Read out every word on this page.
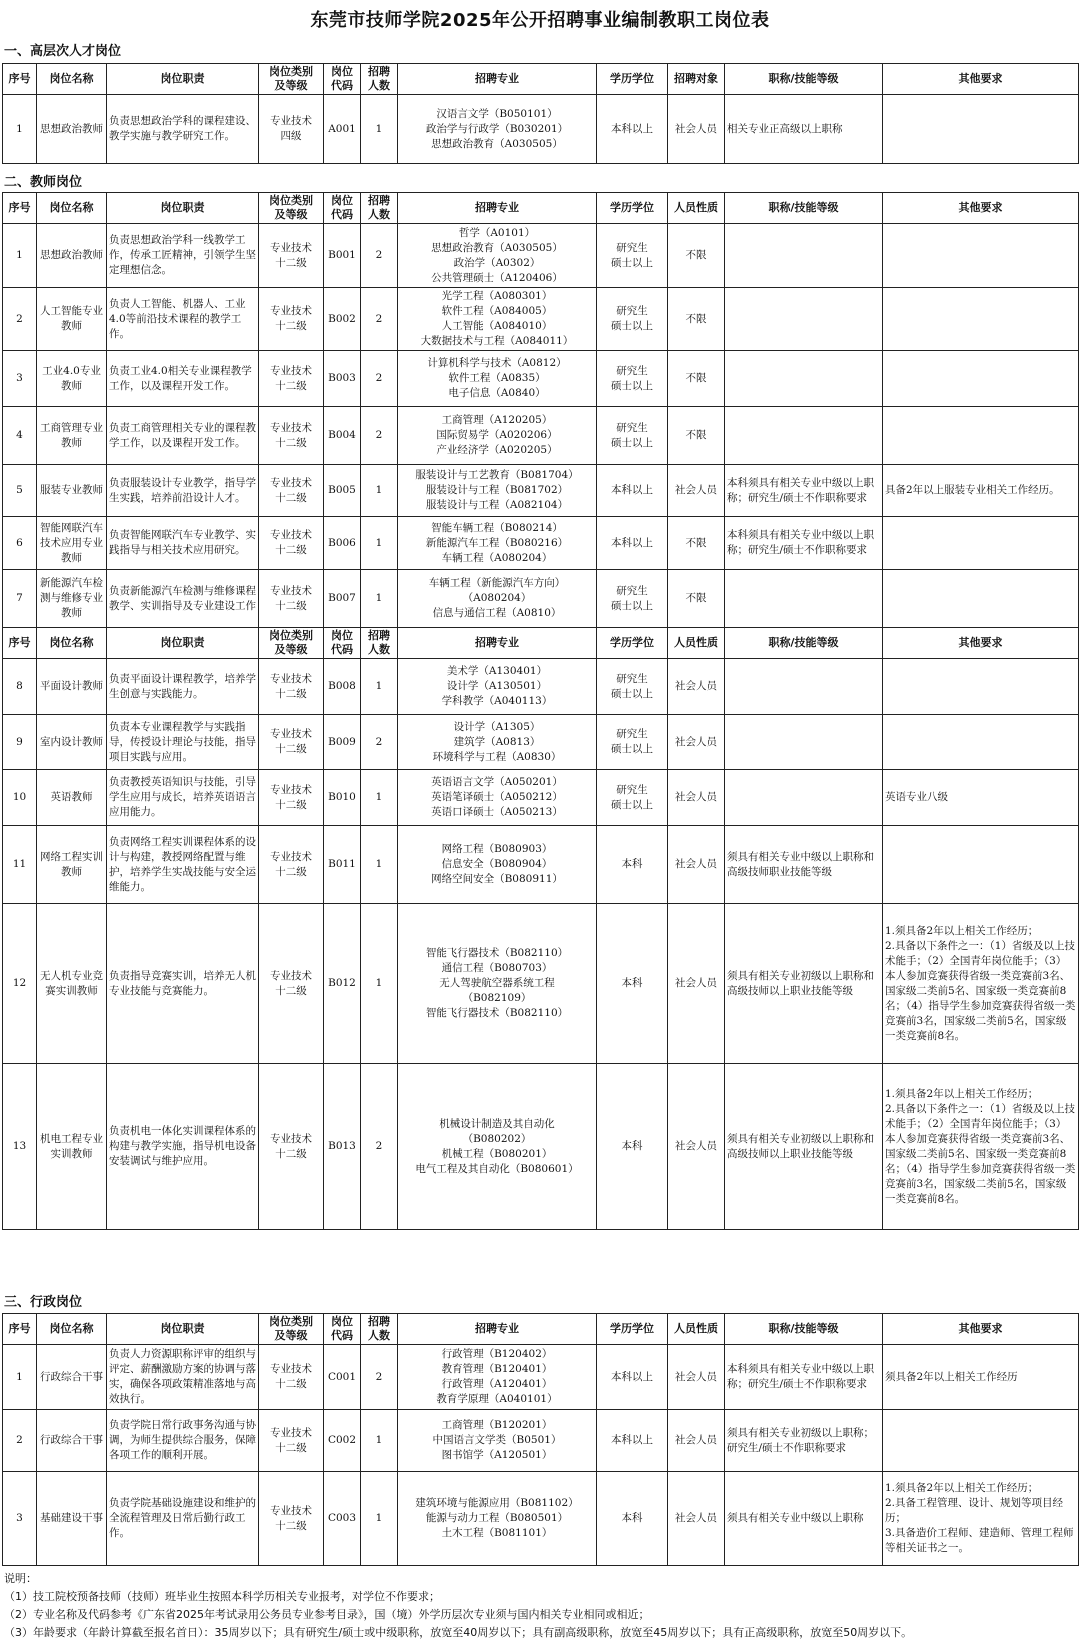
东莞市技师学院2025年公开招聘事业编制教职工岗位表
一、高层次人才岗位
序号	岗位名称	岗位职责	岗位类别
及等级	岗位
代码	招聘
人数	招聘专业	学历学位	招聘对象	职称/技能等级	其他要求
1	思想政治教师	负责思想政治学科的课程建设、教学实施与教学研究工作。	专业技术
四级	A001	1	汉语言文学（B050101）
政治学与行政学（B030201）
思想政治教育（A030505）	本科以上	社会人员	相关专业正高级以上职称	
二、教师岗位
序号	岗位名称	岗位职责	岗位类别
及等级	岗位
代码	招聘
人数	招聘专业	学历学位	人员性质	职称/技能等级	其他要求
1	思想政治教师	负责思想政治学科一线教学工作，传承工匠精神，引领学生坚定理想信念。	专业技术
十二级	B001	2	哲学（A0101）
思想政治教育（A030505）
政治学（A0302）
公共管理硕士（A120406）	研究生
硕士以上	不限		
2	人工智能专业教师	负责人工智能、机器人、工业4.0等前沿技术课程的教学工作。	专业技术
十二级	B002	2	光学工程（A080301）
软件工程（A084005）
人工智能（A084010）
大数据技术与工程（A084011）	研究生
硕士以上	不限		
3	工业4.0专业教师	负责工业4.0相关专业课程教学工作，以及课程开发工作。	专业技术
十二级	B003	2	计算机科学与技术（A0812）
软件工程（A0835）
电子信息（A0840）	研究生
硕士以上	不限		
4	工商管理专业教师	负责工商管理相关专业的课程教学工作，以及课程开发工作。	专业技术
十二级	B004	2	工商管理（A120205）
国际贸易学（A020206）
产业经济学（A020205）	研究生
硕士以上	不限		
5	服装专业教师	负责服装设计专业教学，指导学生实践，培养前沿设计人才。	专业技术
十二级	B005	1	服装设计与工艺教育（B081704）
服装设计与工程（B081702）
服装设计与工程（A082104）	本科以上	社会人员	本科须具有相关专业中级以上职称；研究生/硕士不作职称要求	具备2年以上服装专业相关工作经历。
6	智能网联汽车技术应用专业教师	负责智能网联汽车专业教学、实践指导与相关技术应用研究。	专业技术
十二级	B006	1	智能车辆工程（B080214）
新能源汽车工程（B080216）
车辆工程（A080204）	本科以上	不限	本科须具有相关专业中级以上职称；研究生/硕士不作职称要求	
7	新能源汽车检测与维修专业教师	负责新能源汽车检测与维修课程教学、实训指导及专业建设工作	专业技术
十二级	B007	1	车辆工程（新能源汽车方向）
（A080204）
信息与通信工程（A0810）	研究生
硕士以上	不限		
序号	岗位名称	岗位职责	岗位类别
及等级	岗位
代码	招聘
人数	招聘专业	学历学位	人员性质	职称/技能等级	其他要求
8	平面设计教师	负责平面设计课程教学，培养学生创意与实践能力。	专业技术
十二级	B008	1	美术学（A130401）
设计学（A130501）
学科教学（A040113）	研究生
硕士以上	社会人员		
9	室内设计教师	负责本专业课程教学与实践指导，传授设计理论与技能，指导项目实践与应用。	专业技术
十二级	B009	2	设计学（A1305）
建筑学（A0813）
环境科学与工程（A0830）	研究生
硕士以上	社会人员		
10	英语教师	负责教授英语知识与技能，引导学生应用与成长，培养英语语言应用能力。	专业技术
十二级	B010	1	英语语言文学（A050201）
英语笔译硕士（A050212）
英语口译硕士（A050213）	研究生
硕士以上	社会人员		英语专业八级
11	网络工程实训教师	负责网络工程实训课程体系的设计与构建，教授网络配置与维护，培养学生实战技能与安全运维能力。	专业技术
十二级	B011	1	网络工程（B080903）
信息安全（B080904）
网络空间安全（B080911）	本科	社会人员	须具有相关专业中级以上职称和高级技师职业技能等级	
12	无人机专业竞赛实训教师	负责指导竞赛实训，培养无人机专业技能与竞赛能力。	专业技术
十二级	B012	1	智能飞行器技术（B082110）
通信工程（B080703）
无人驾驶航空器系统工程
（B082109）
智能飞行器技术（B082110）	本科	社会人员	须具有相关专业初级以上职称和高级技师以上职业技能等级	1.须具备2年以上相关工作经历；
2.具备以下条件之一：（1）省级及以上技术能手；（2）全国青年岗位能手；（3）本人参加竞赛获得省级一类竞赛前3名、国家级二类前5名、国家级一类竞赛前8名；（4）指导学生参加竞赛获得省级一类竞赛前3名，国家级二类前5名，国家级一类竞赛前8名。
13	机电工程专业实训教师	负责机电一体化实训课程体系的构建与教学实施，指导机电设备安装调试与维护应用。	专业技术
十二级	B013	2	机械设计制造及其自动化
（B080202）
机械工程（B080201）
电气工程及其自动化（B080601）	本科	社会人员	须具有相关专业初级以上职称和高级技师以上职业技能等级	1.须具备2年以上相关工作经历；
2.具备以下条件之一：（1）省级及以上技术能手；（2）全国青年岗位能手；（3）本人参加竞赛获得省级一类竞赛前3名、国家级二类前5名、国家级一类竞赛前8名；（4）指导学生参加竞赛获得省级一类竞赛前3名，国家级二类前5名，国家级一类竞赛前8名。
三、行政岗位
序号	岗位名称	岗位职责	岗位类别
及等级	岗位
代码	招聘
人数	招聘专业	学历学位	人员性质	职称/技能等级	其他要求
1	行政综合干事	负责人力资源职称评审的组织与评定、薪酬激励方案的协调与落实，确保各项政策精准落地与高效执行。	专业技术
十二级	C001	2	行政管理（B120402）
教育管理（B120401）
行政管理（A120401）
教育学原理（A040101）	本科以上	社会人员	本科须具有相关专业中级以上职称；研究生/硕士不作职称要求	须具备2年以上相关工作经历
2	行政综合干事	负责学院日常行政事务沟通与协调，为师生提供综合服务，保障各项工作的顺利开展。	专业技术
十二级	C002	1	工商管理（B120201）
中国语言文学类（B0501）
图书馆学（A120501）	本科以上	社会人员	须具有相关专业初级以上职称；研究生/硕士不作职称要求	
3	基础建设干事	负责学院基础设施建设和维护的全流程管理及日常后勤行政工作。	专业技术
十二级	C003	1	建筑环境与能源应用（B081102）
能源与动力工程（B080501）
土木工程（B081101）	本科	社会人员	须具有相关专业中级以上职称	1.须具备2年以上相关工作经历；
2.具备工程管理、设计、规划等项目经历；
3.具备造价工程师、建造师、管理工程师等相关证书之一。
说明：
（1）技工院校预备技师（技师）班毕业生按照本科学历相关专业报考，对学位不作要求；
（2）专业名称及代码参考《广东省2025年考试录用公务员专业参考目录》，国（境）外学历层次专业须与国内相关专业相同或相近；
（3）年龄要求（年龄计算截至报名首日）：35周岁以下；具有研究生/硕士或中级职称，放宽至40周岁以下；具有副高级职称，放宽至45周岁以下；具有正高级职称，放宽至50周岁以下。
